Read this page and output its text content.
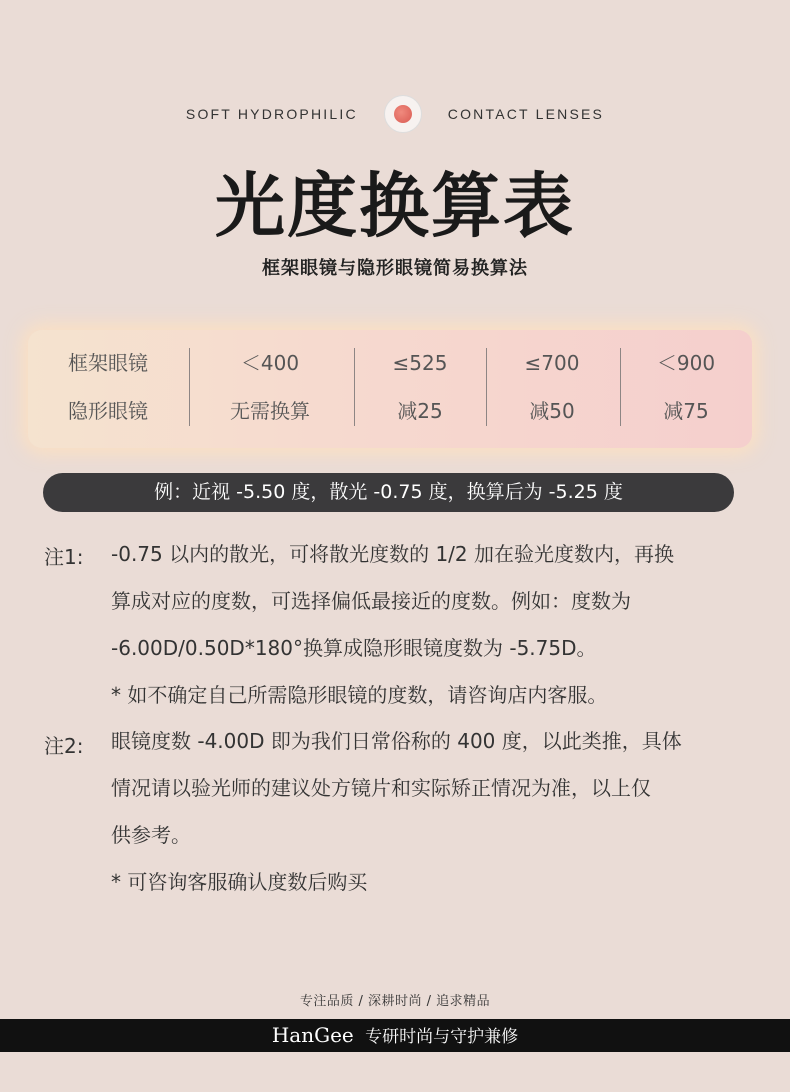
SOFT HYDROPHILIC	CONTACT LENSES
光度换算表
框架眼镜与隐形眼镜简易换算法
框架眼镜	＜400	≤525	≤700	＜900
隐形眼镜	无需换算	减25	减50	减75
例：近视 -5.50 度，散光 -0.75 度，换算后为 -5.25 度
注1: -0.75 以内的散光，可将散光度数的 1/2 加在验光度数内，再换
算成对应的度数，可选择偏低最接近的度数。例如：度数为
-6.00D/0.50D*180°换算成隐形眼镜度数为 -5.75D。
* 如不确定自己所需隐形眼镜的度数，请咨询店内客服。
注2: 眼镜度数 -4.00D 即为我们日常俗称的 400 度，以此类推，具体
情况请以验光师的建议处方镜片和实际矫正情况为准，以上仅
供参考。
* 可咨询客服确认度数后购买
专注品质 / 深耕时尚 / 追求精品
HanGee 专研时尚与守护兼修
